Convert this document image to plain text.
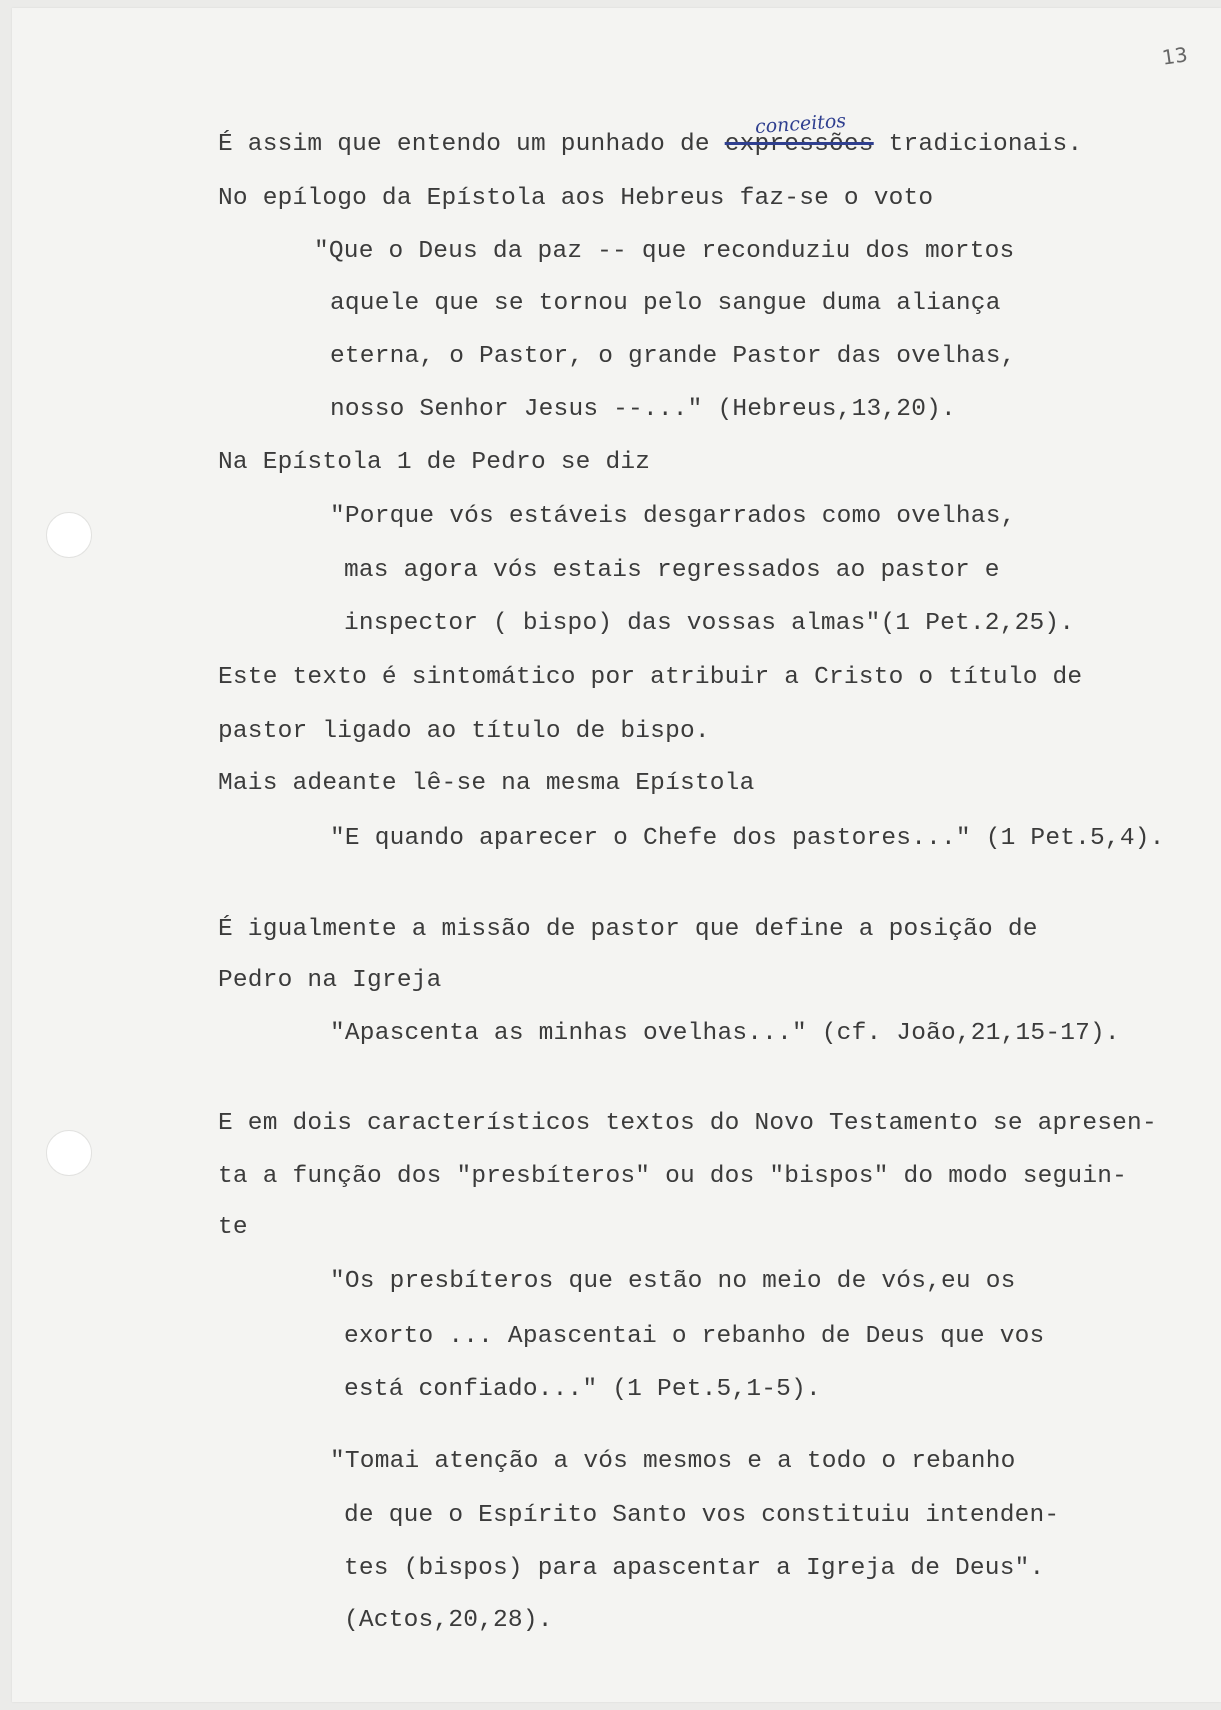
13
conceitos
É assim que entendo um punhado de expressões tradicionais.
No epílogo da Epístola aos Hebreus faz-se o voto
"Que o Deus da paz -- que reconduziu dos mortos
aquele que se tornou pelo sangue duma aliança
eterna, o Pastor, o grande Pastor das ovelhas,
nosso Senhor Jesus --..." (Hebreus,13,20).
Na Epístola 1 de Pedro se diz
"Porque vós estáveis desgarrados como ovelhas,
mas agora vós estais regressados ao pastor e
inspector ( bispo) das vossas almas"(1 Pet.2,25).
Este texto é sintomático por atribuir a Cristo o título de
pastor ligado ao título de bispo.
Mais adeante lê-se na mesma Epístola
"E quando aparecer o Chefe dos pastores..." (1 Pet.5,4).
É igualmente a missão de pastor que define a posição de
Pedro na Igreja
"Apascenta as minhas ovelhas..." (cf. João,21,15-17).
E em dois característicos textos do Novo Testamento se apresen-
ta a função dos "presbíteros" ou dos "bispos" do modo seguin-
te
"Os presbíteros que estão no meio de vós,eu os
exorto ... Apascentai o rebanho de Deus que vos
está confiado..." (1 Pet.5,1-5).
"Tomai atenção a vós mesmos e a todo o rebanho
de que o Espírito Santo vos constituiu intenden-
tes (bispos) para apascentar a Igreja de Deus".
(Actos,20,28).
